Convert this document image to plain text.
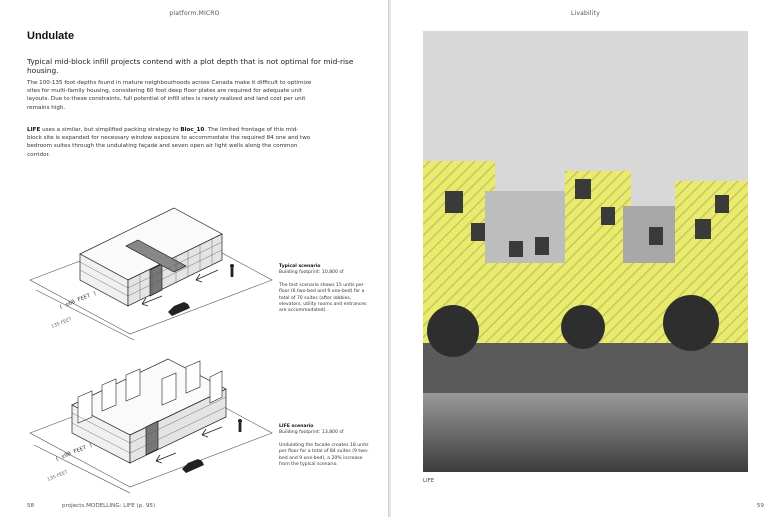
platform.MICRO
Undulate
Typical mid-block infill projects contend with a plot depth that is not optimal for mid-rise housing.

The 100-135 foot depths found in mature neighbourhoods across Canada make it difficult to optimize sites for multi-family housing, considering 60 foot deep floor plates are required for adequate unit layouts. Due to these constraints, full potential of infill sites is rarely realized and land cost per unit remains high.

LIFE uses a similar, but simplified packing strategy to Bloc_10. The limited frontage of this mid-block site is expanded for necessary window exposure to accommodate the required 84 one and two bedroom suites through the undulating façade and seven open air light wells along the common corridor.

( ±60 FEET )
135 FEET
Typical scenario
Building footprint: 10,800 sf
The test scenario shows 15 units per floor (6 two-bed and 9 one-bed) for a total of 70 suites (after lobbies, elevators, utility rooms and entrances are accommodated).
( ±90 FEET )
135 FEET
LIFE scenario
Building footprint: 13,800 sf
Undulating the facade creates 18 units per floor for a total of 84 suites (9 two-bed and 9 one-bed), a 20% increase from the typical scenario.
58	projects.MODELLING: LIFE (p. 95)
Livability
LIFE
59
